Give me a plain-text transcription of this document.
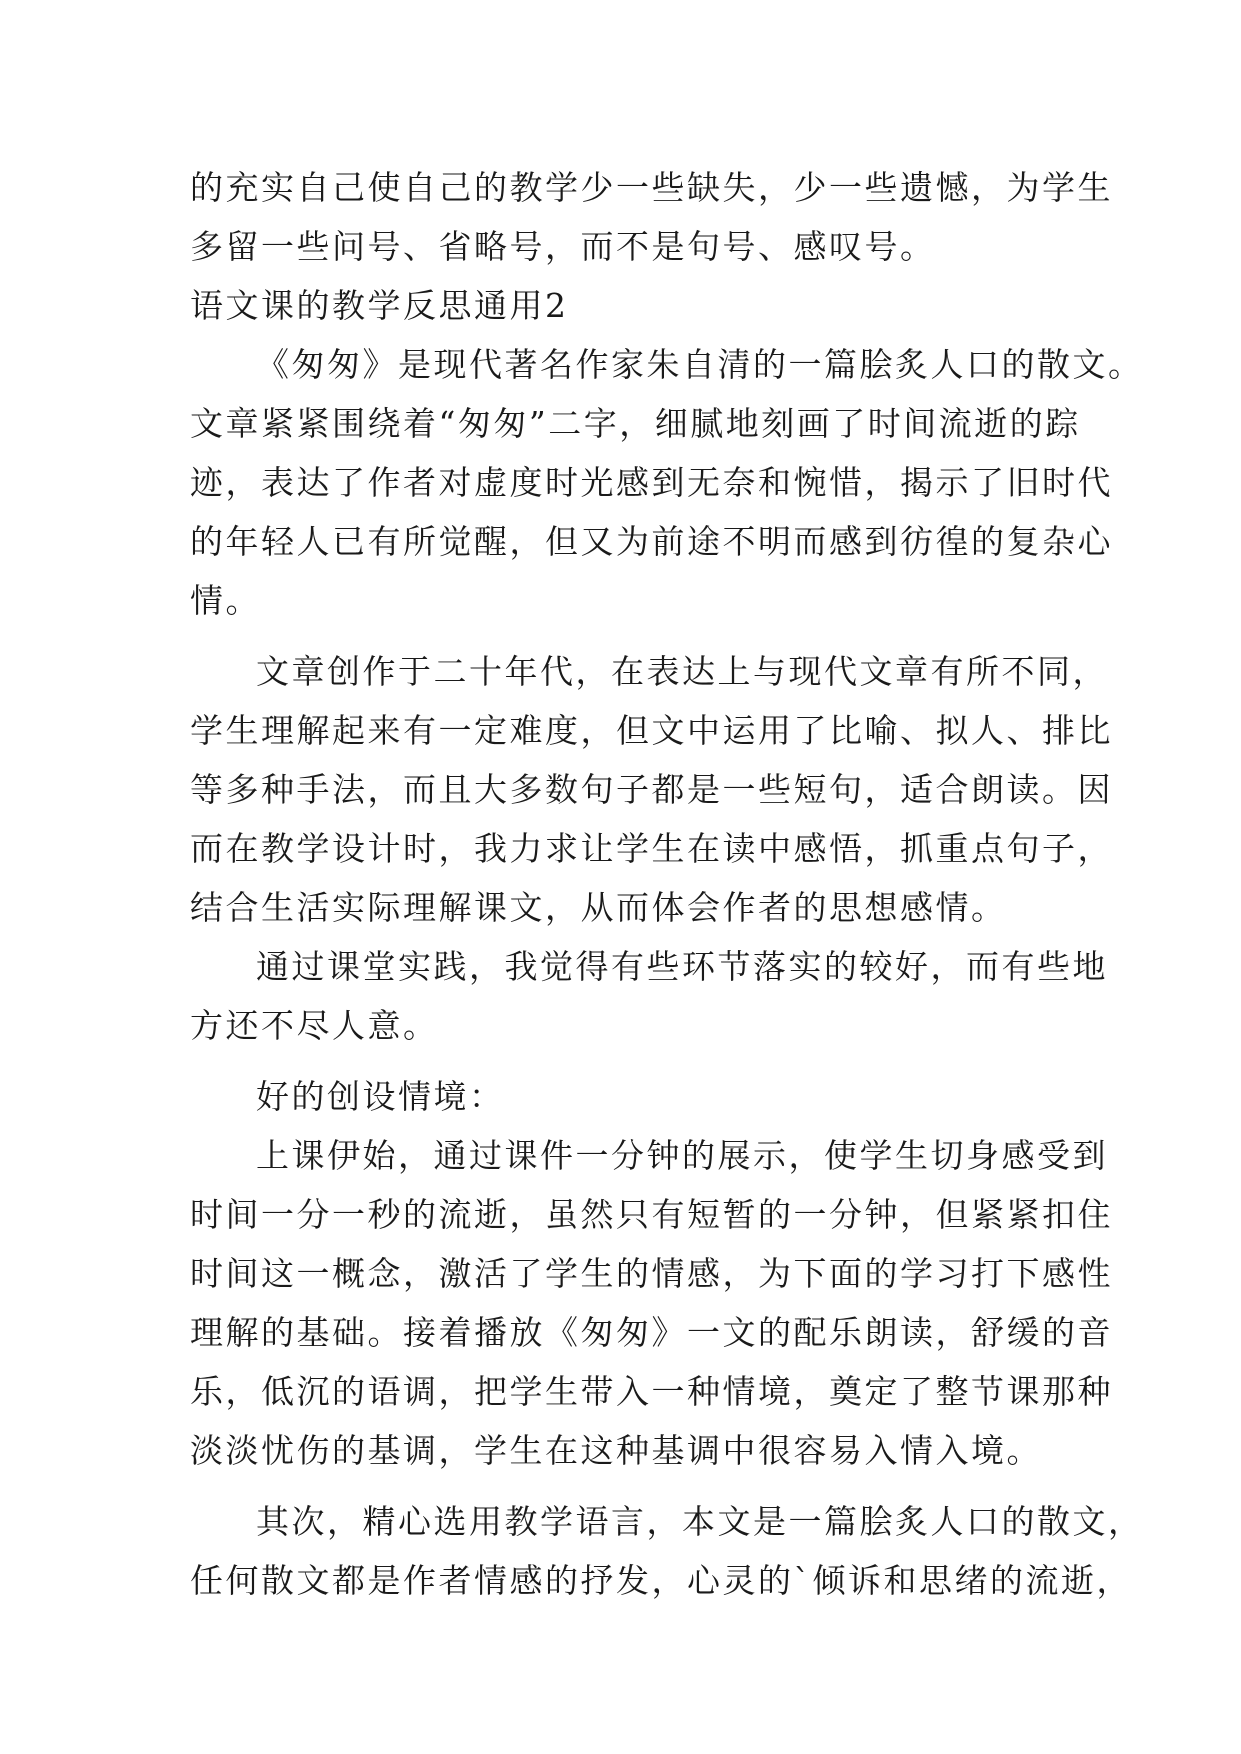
的充实自己使自己的教学少一些缺失，少一些遗憾，为学生
多留一些问号、省略号，而不是句号、感叹号。
语文课的教学反思通用2
《匆匆》是现代著名作家朱自清的一篇脍炙人口的散文。
文章紧紧围绕着“匆匆”二字，细腻地刻画了时间流逝的踪
迹，表达了作者对虚度时光感到无奈和惋惜，揭示了旧时代
的年轻人已有所觉醒，但又为前途不明而感到彷徨的复杂心
情。
文章创作于二十年代，在表达上与现代文章有所不同，
学生理解起来有一定难度，但文中运用了比喻、拟人、排比
等多种手法，而且大多数句子都是一些短句，适合朗读。因
而在教学设计时，我力求让学生在读中感悟，抓重点句子，
结合生活实际理解课文，从而体会作者的思想感情。
通过课堂实践，我觉得有些环节落实的较好，而有些地
方还不尽人意。
好的创设情境：
上课伊始，通过课件一分钟的展示，使学生切身感受到
时间一分一秒的流逝，虽然只有短暂的一分钟，但紧紧扣住
时间这一概念，激活了学生的情感，为下面的学习打下感性
理解的基础。接着播放《匆匆》一文的配乐朗读，舒缓的音
乐，低沉的语调，把学生带入一种情境，奠定了整节课那种
淡淡忧伤的基调，学生在这种基调中很容易入情入境。
其次，精心选用教学语言，本文是一篇脍炙人口的散文，
任何散文都是作者情感的抒发，心灵的`倾诉和思绪的流逝，
